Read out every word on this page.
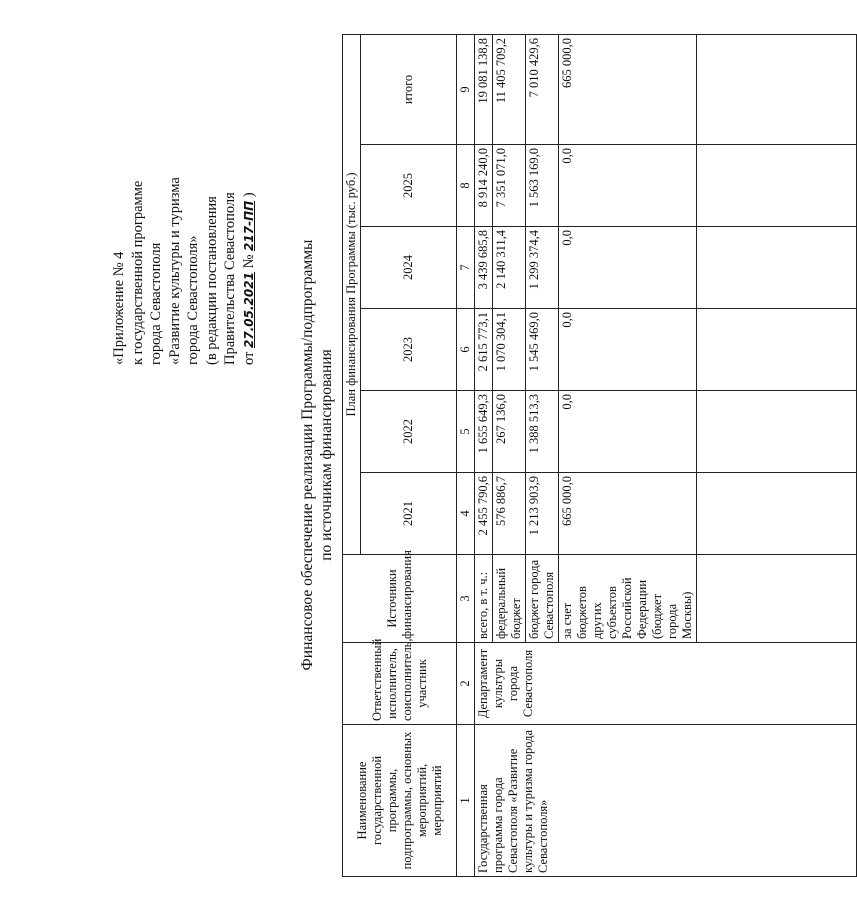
«Приложение № 4 к государственной программе города Севастополя «Развитие культуры и туризма города Севастополя» (в редакции постановления Правительства Севастополя от 27.05.2021 № 217-ПП )
Финансовое обеспечение реализации Программы/подпрограммы по источникам финансирования
Наименование государственной программы, подпрограммы, основных мероприятий, мероприятий	Ответственный исполнитель, соисполнитель, участник	Источники финансирования	План финансирования Программы (тыс. руб.)					
			2021	2022	2023	2024	2025	итого
1	2	3	4	5	6	7	8	9
Государственная программа города Севастополя «Развитие культуры и туризма города Севастополя»	Департамент культуры города Севастополя	всего, в т. ч.:	2 455 790,6	1 655 649,3	2 615 773,1	3 439 685,8	8 914 240,0	19 081 138,8
		федеральный бюджет	576 886,7	267 136,0	1 070 304,1	2 140 311,4	7 351 071,0	11 405 709,2
		бюджет города Севастополя	1 213 903,9	1 388 513,3	1 545 469,0	1 299 374,4	1 563 169,0	7 010 429,6
		за счет бюджетов других субъектов Российской Федерации (бюджет города Москвы)	665 000,0	0,0	0,0	0,0	0,0	665 000,0
